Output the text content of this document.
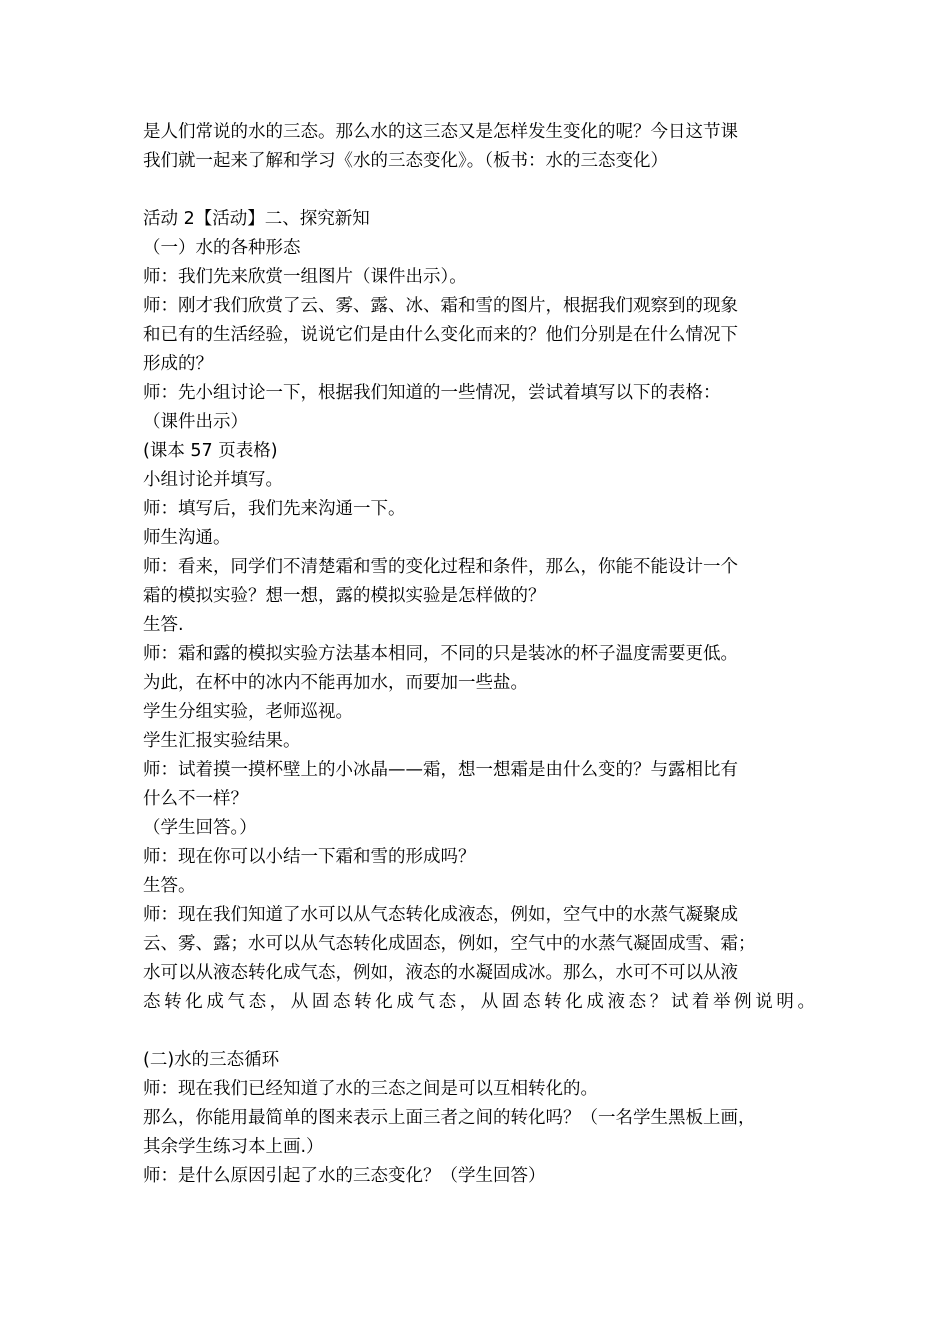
是人们常说的水的三态。那么水的这三态又是怎样发生变化的呢？今日这节课
我们就一起来了解和学习《水的三态变化》。（板书：水的三态变化）
活动 2【活动】二、探究新知
（一）水的各种形态
师：我们先来欣赏一组图片（课件出示）。
师：刚才我们欣赏了云、雾、露、冰、霜和雪的图片，根据我们观察到的现象
和已有的生活经验，说说它们是由什么变化而来的？他们分别是在什么情况下
形成的？
师：先小组讨论一下，根据我们知道的一些情况，尝试着填写以下的表格：
（课件出示）
(课本 57 页表格)
小组讨论并填写。
师：填写后，我们先来沟通一下。
师生沟通。
师：看来，同学们不清楚霜和雪的变化过程和条件，那么，你能不能设计一个
霜的模拟实验？想一想，露的模拟实验是怎样做的？
生答.
师：霜和露的模拟实验方法基本相同，不同的只是装冰的杯子温度需要更低。
为此，在杯中的冰内不能再加水，而要加一些盐。
学生分组实验，老师巡视。
学生汇报实验结果。
师：试着摸一摸杯壁上的小冰晶——霜，想一想霜是由什么变的？与露相比有
什么不一样？
（学生回答。）
师：现在你可以小结一下霜和雪的形成吗？
生答。
师：现在我们知道了水可以从气态转化成液态，例如，空气中的水蒸气凝聚成
云、雾、露；水可以从气态转化成固态，例如，空气中的水蒸气凝固成雪、霜；
水可以从液态转化成气态，例如，液态的水凝固成冰。那么，水可不可以从液
态转化成气态，从固态转化成气态，从固态转化成液态？试着举例说明。
(二)水的三态循环
师：现在我们已经知道了水的三态之间是可以互相转化的。
那么，你能用最简单的图来表示上面三者之间的转化吗？（一名学生黑板上画，
其余学生练习本上画.）
师：是什么原因引起了水的三态变化？（学生回答）
